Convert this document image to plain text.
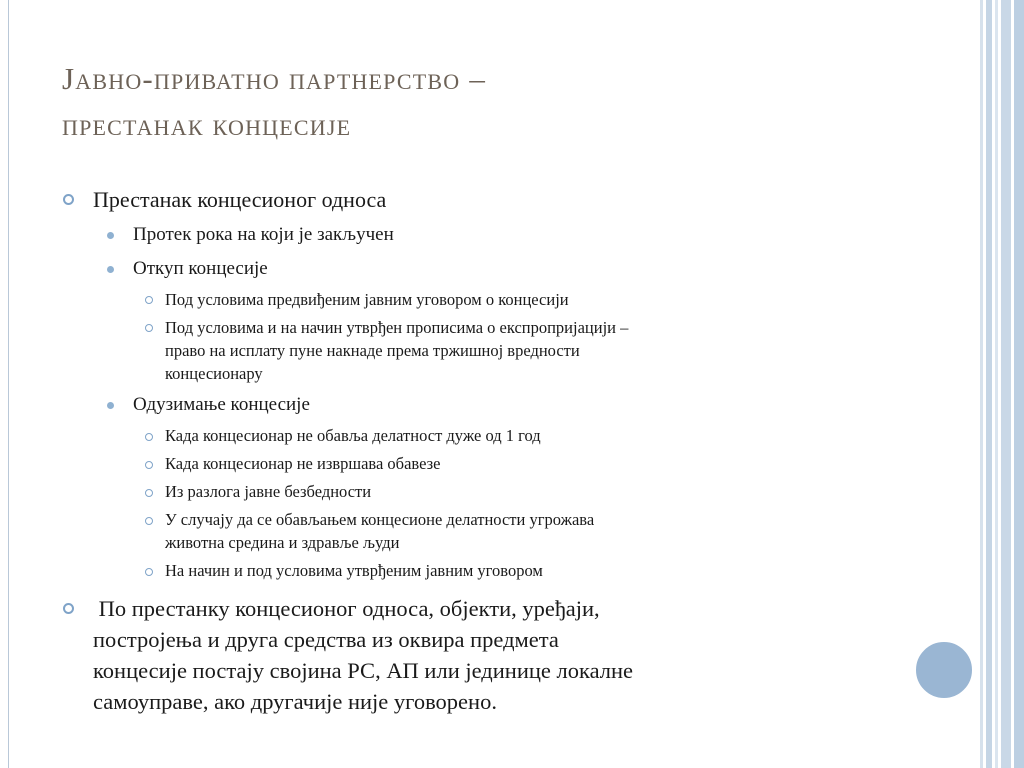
Јавно-приватно партнерство –
престанак концесије
Престанак концесионог односа
Протек рока на који је закључен
Откуп концесије
Под условима предвиђеним јавним уговором о концесији
Под условима и на начин утврђен прописима о експропријацији –
право на исплату пуне накнаде према тржишној вредности
концесионару
Одузимање концесије
Када концесионар не обавља делатност дуже од 1 год
Када концесионар не извршава обавезе
Из разлога јавне безбедности
У случају да се обављањем концесионе делатности угрожава
животна средина и здравље људи
На начин и под условима утврђеним јавним уговором
По престанку концесионог односа, објекти, уређаји,
постројења и друга средства из оквира предмета
концесије постају својина РС, АП или јединице локалне
самоуправе, ако другачије није уговорено.
